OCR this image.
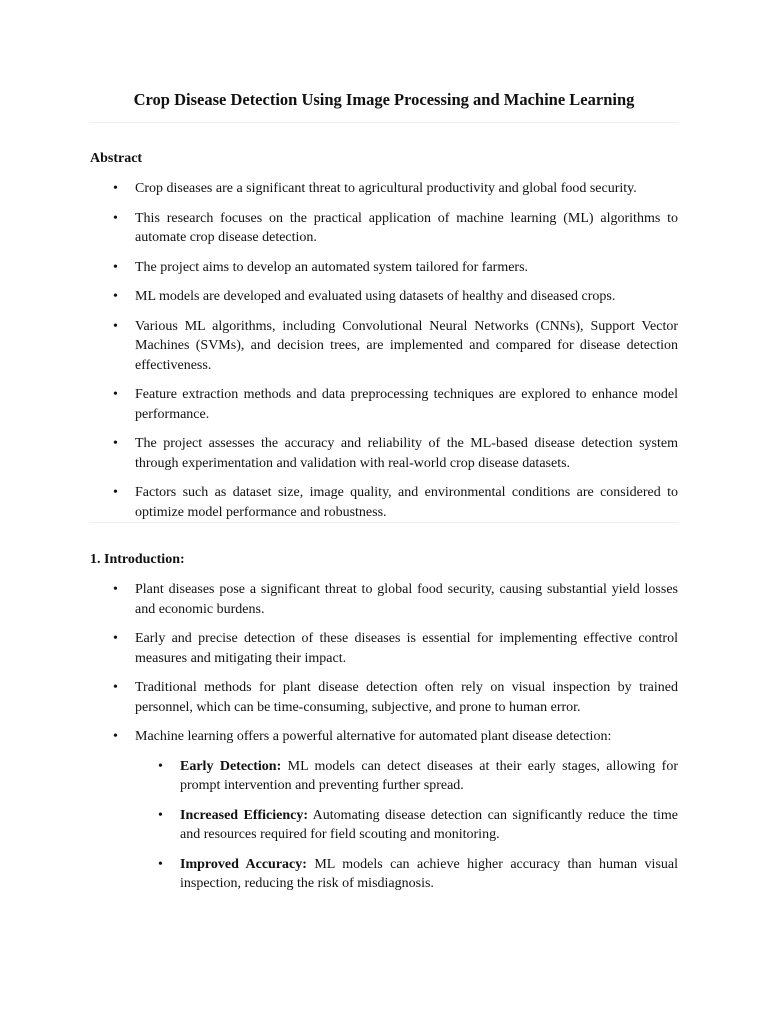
Crop Disease Detection Using Image Processing and Machine Learning
Abstract
• Crop diseases are a significant threat to agricultural productivity and global food security.
• This research focuses on the practical application of machine learning (ML) algorithms to automate crop disease detection.
• The project aims to develop an automated system tailored for farmers.
• ML models are developed and evaluated using datasets of healthy and diseased crops.
• Various ML algorithms, including Convolutional Neural Networks (CNNs), Support Vector Machines (SVMs), and decision trees, are implemented and compared for disease detection effectiveness.
• Feature extraction methods and data preprocessing techniques are explored to enhance model performance.
• The project assesses the accuracy and reliability of the ML-based disease detection system through experimentation and validation with real-world crop disease datasets.
• Factors such as dataset size, image quality, and environmental conditions are considered to optimize model performance and robustness.
1. Introduction:
• Plant diseases pose a significant threat to global food security, causing substantial yield losses and economic burdens.
• Early and precise detection of these diseases is essential for implementing effective control measures and mitigating their impact.
• Traditional methods for plant disease detection often rely on visual inspection by trained personnel, which can be time-consuming, subjective, and prone to human error.
• Machine learning offers a powerful alternative for automated plant disease detection:
• Early Detection: ML models can detect diseases at their early stages, allowing for prompt intervention and preventing further spread.
• Increased Efficiency: Automating disease detection can significantly reduce the time and resources required for field scouting and monitoring.
• Improved Accuracy: ML models can achieve higher accuracy than human visual inspection, reducing the risk of misdiagnosis.
